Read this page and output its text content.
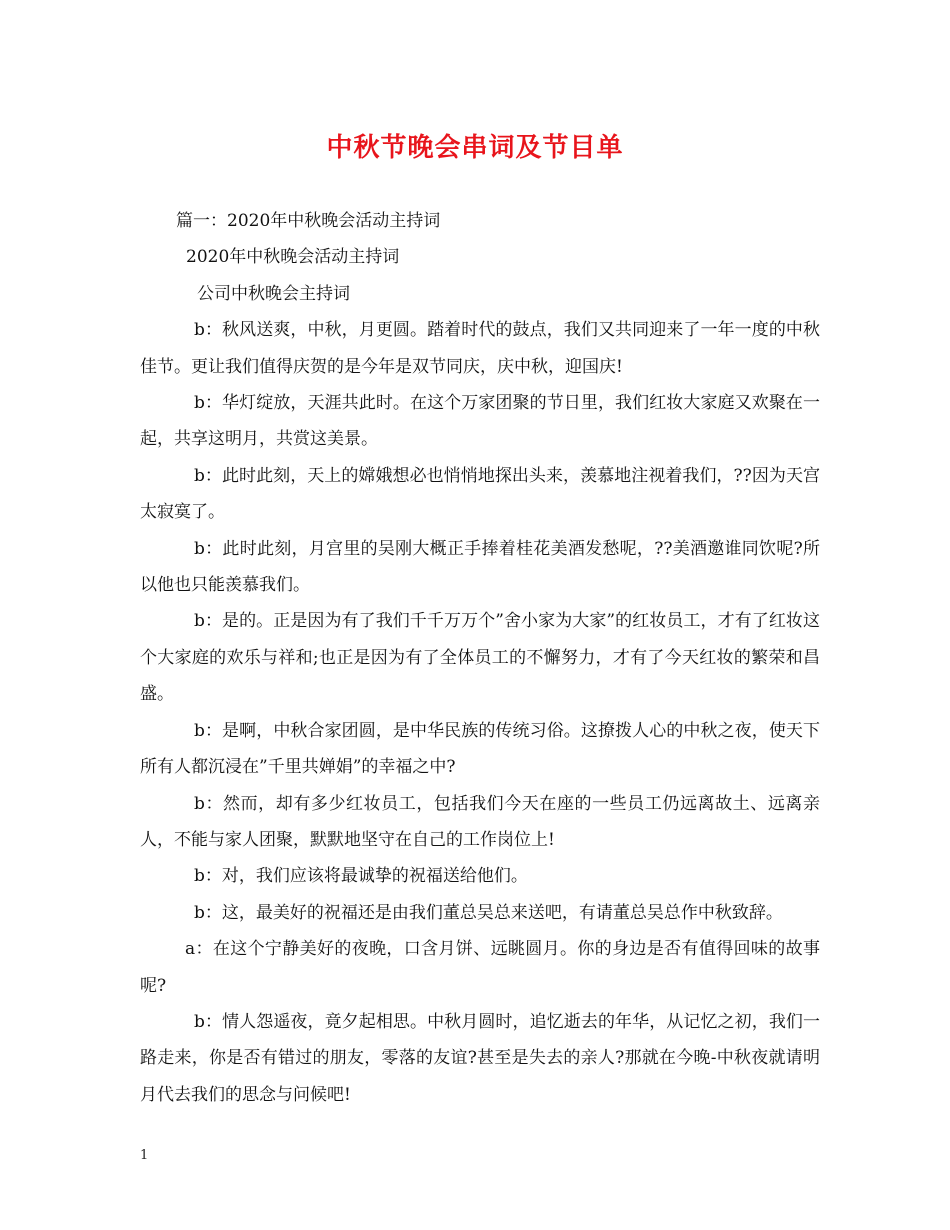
中秋节晚会串词及节目单

篇一：2020年中秋晚会活动主持词

2020年中秋晚会活动主持词

公司中秋晚会主持词

b：秋风送爽，中秋，月更圆。踏着时代的鼓点，我们又共同迎来了一年一度的中秋佳节。更让我们值得庆贺的是今年是双节同庆，庆中秋，迎国庆!

b：华灯绽放，天涯共此时。在这个万家团聚的节日里，我们红妆大家庭又欢聚在一起，共享这明月，共赏这美景。

b：此时此刻，天上的嫦娥想必也悄悄地探出头来，羡慕地注视着我们，??因为天宫太寂寞了。

b：此时此刻，月宫里的吴刚大概正手捧着桂花美酒发愁呢，??美酒邀谁同饮呢?所以他也只能羡慕我们。

b：是的。正是因为有了我们千千万万个”舍小家为大家”的红妆员工，才有了红妆这个大家庭的欢乐与祥和;也正是因为有了全体员工的不懈努力，才有了今天红妆的繁荣和昌盛。

b：是啊，中秋合家团圆，是中华民族的传统习俗。这撩拨人心的中秋之夜，使天下所有人都沉浸在”千里共婵娟”的幸福之中?

b：然而，却有多少红妆员工，包括我们今天在座的一些员工仍远离故土、远离亲人，不能与家人团聚，默默地坚守在自己的工作岗位上!

b：对，我们应该将最诚挚的祝福送给他们。

b：这，最美好的祝福还是由我们董总吴总来送吧，有请董总吴总作中秋致辞。

a：在这个宁静美好的夜晚，口含月饼、远眺圆月。你的身边是否有值得回味的故事呢?

b：情人怨遥夜，竟夕起相思。中秋月圆时，追忆逝去的年华，从记忆之初，我们一路走来，你是否有错过的朋友，零落的友谊?甚至是失去的亲人?那就在今晚-中秋夜就请明月代去我们的思念与问候吧!

1
